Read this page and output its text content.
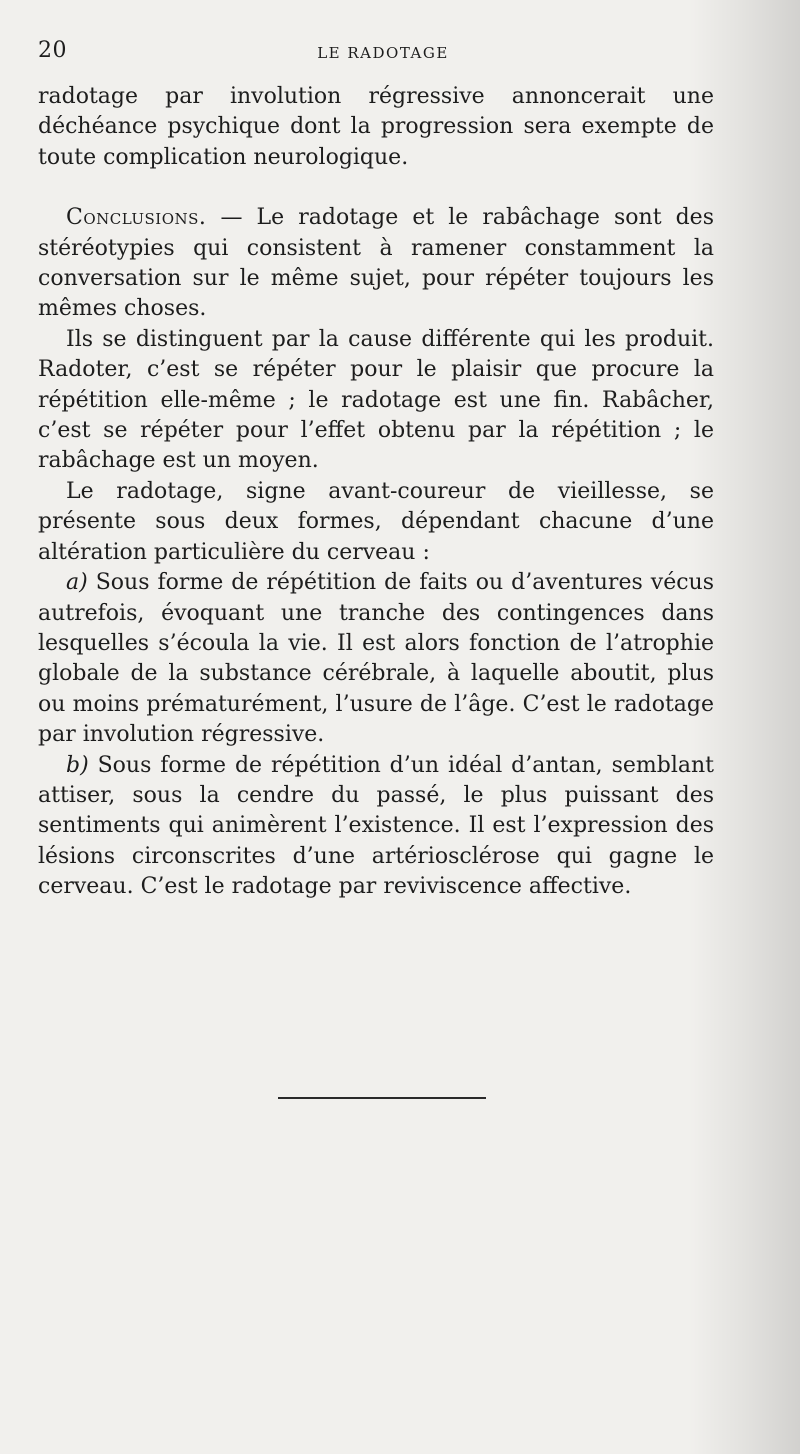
20	LE RADOTAGE

radotage par involution régressive annoncerait une déchéance psychique dont la progression sera exempte de toute complication neurologique.

Conclusions. — Le radotage et le rabâchage sont des stéréotypies qui consistent à ramener constamment la conversation sur le même sujet, pour répéter toujours les mêmes choses.

Ils se distinguent par la cause différente qui les produit. Radoter, c’est se répéter pour le plaisir que procure la répétition elle-même ; le radotage est une fin. Rabâcher, c’est se répéter pour l’effet obtenu par la répétition ; le rabâchage est un moyen.

Le radotage, signe avant-coureur de vieillesse, se présente sous deux formes, dépendant chacune d’une altération particulière du cerveau :

a) Sous forme de répétition de faits ou d’aventures vécus autrefois, évoquant une tranche des contingences dans lesquelles s’écoula la vie. Il est alors fonction de l’atrophie globale de la substance cérébrale, à laquelle aboutit, plus ou moins prématurément, l’usure de l’âge. C’est le radotage par involution régressive.

b) Sous forme de répétition d’un idéal d’antan, semblant attiser, sous la cendre du passé, le plus puissant des sentiments qui animèrent l’existence. Il est l’expression des lésions circonscrites d’une artériosclérose qui gagne le cerveau. C’est le radotage par reviviscence affective.
